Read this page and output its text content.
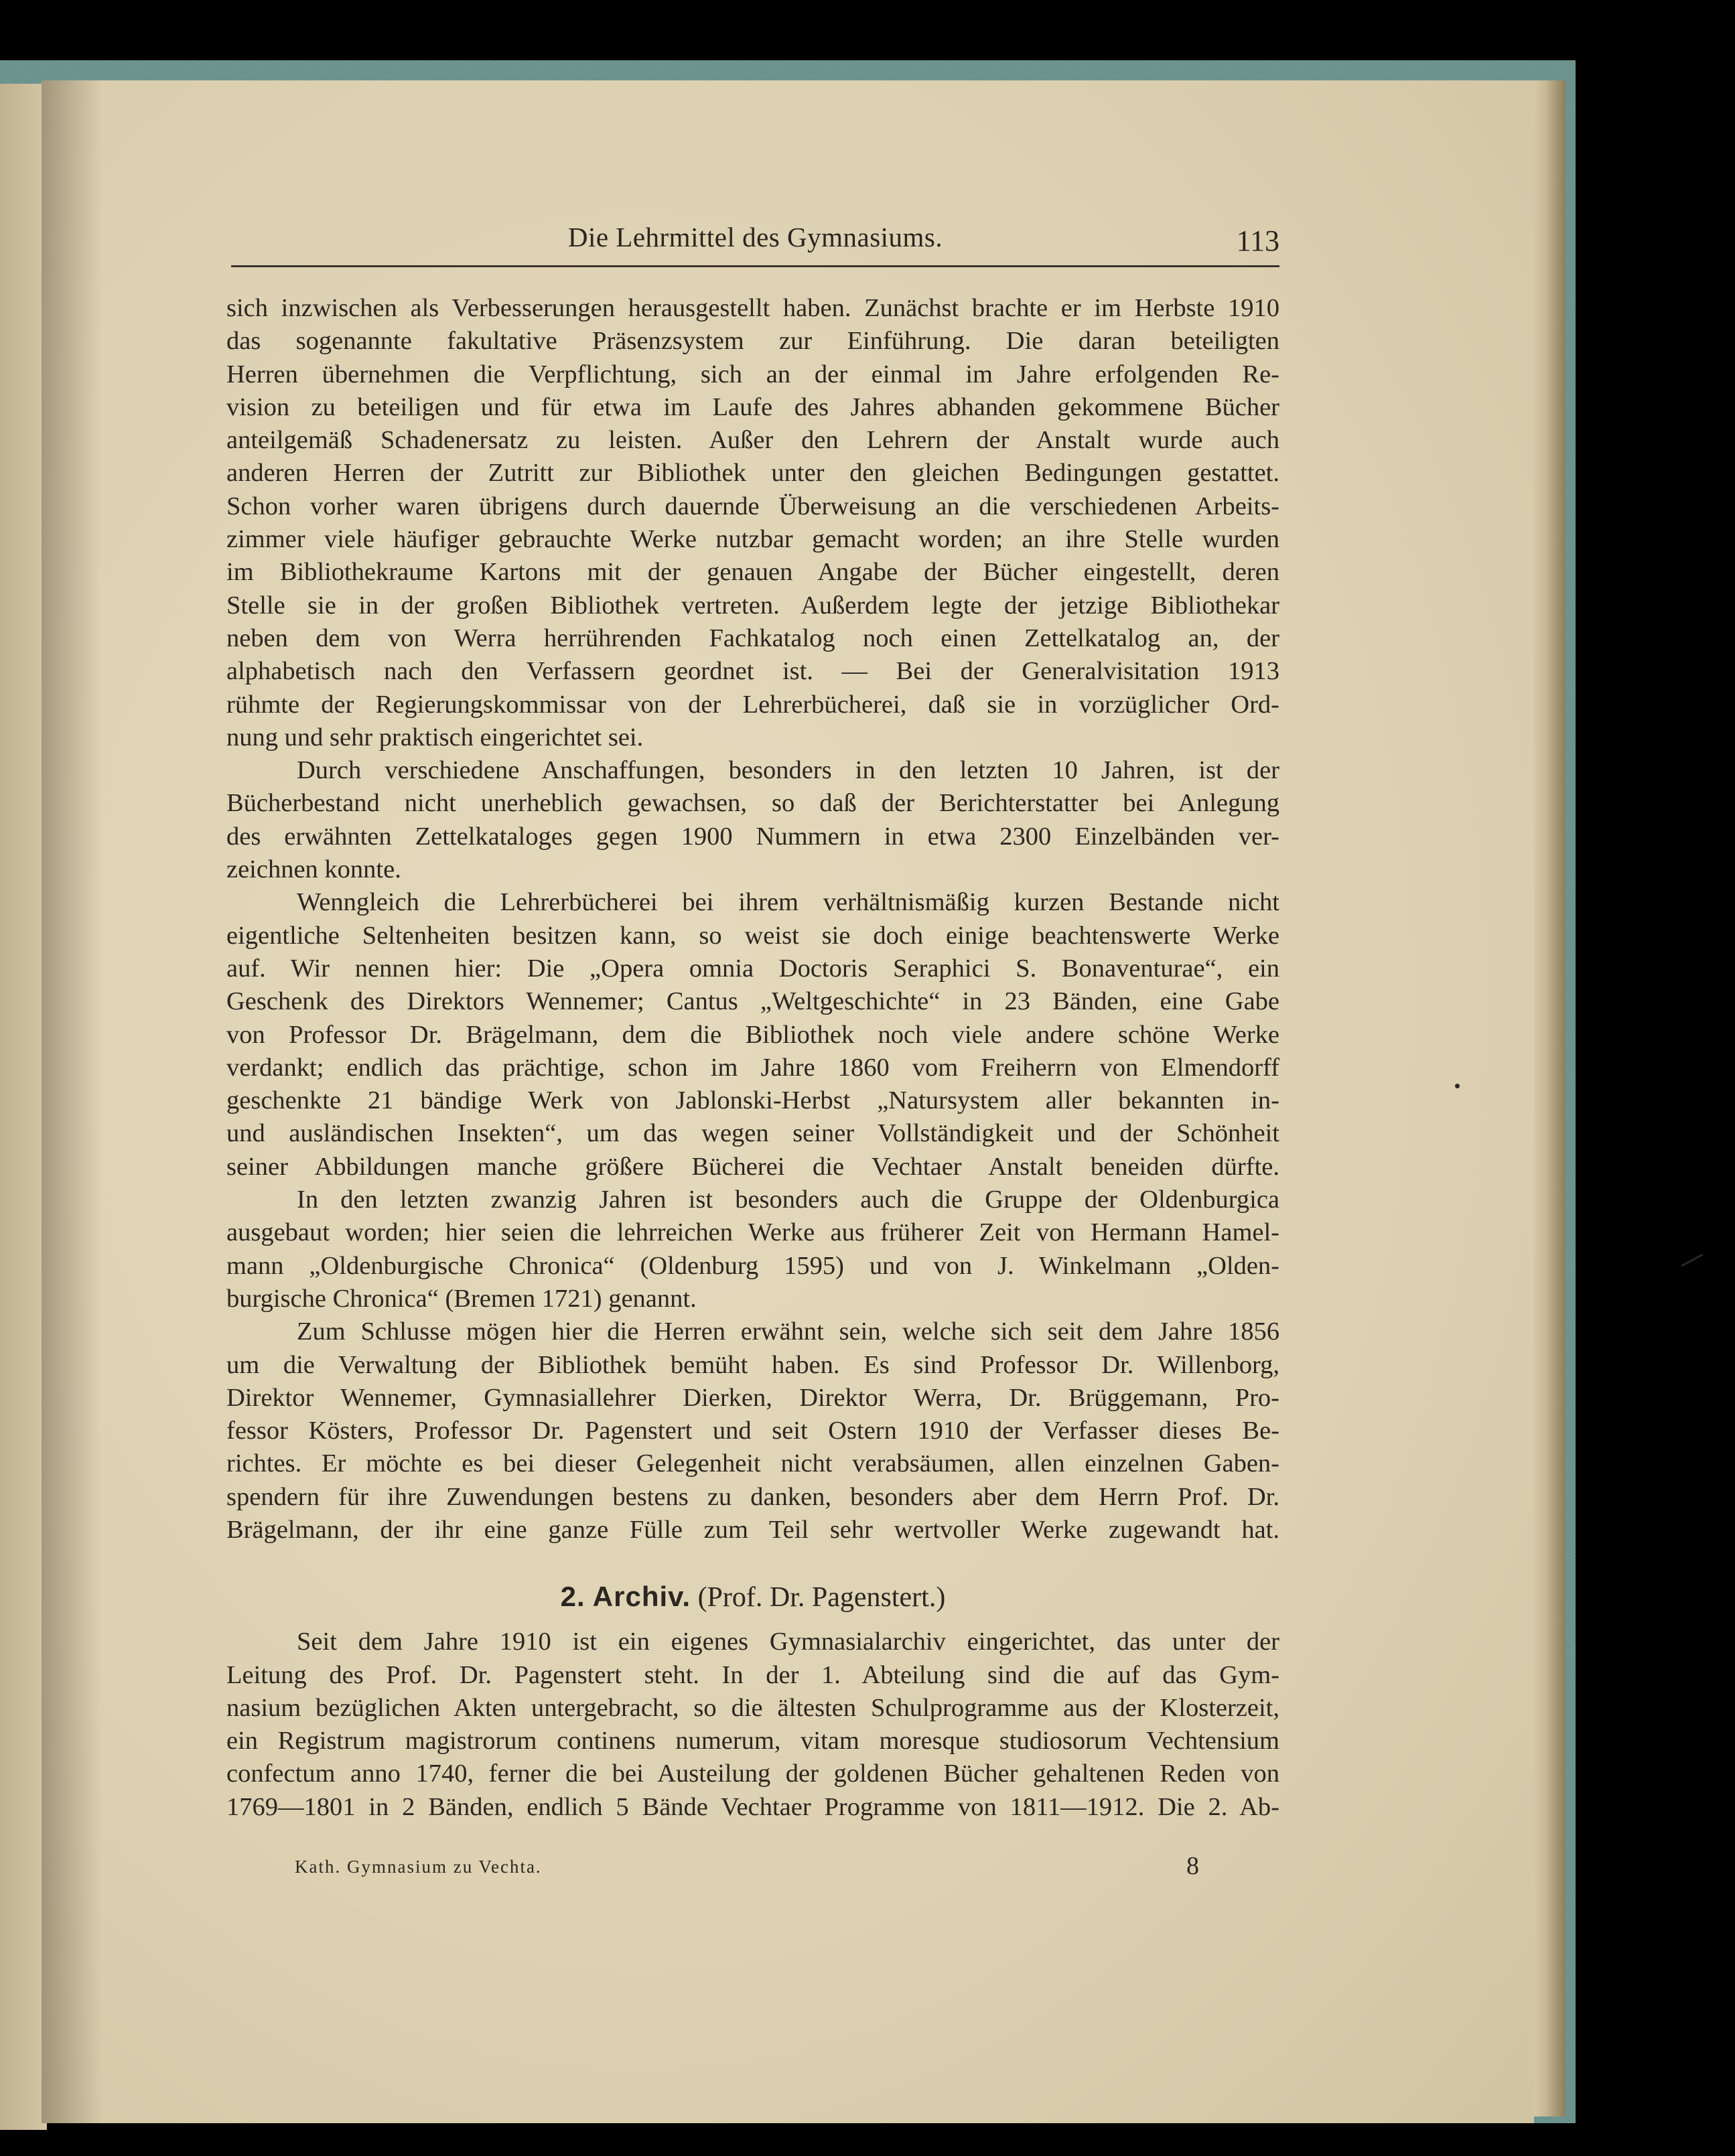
Die Lehrmittel des Gymnasiums.	113
sich inzwischen als Verbesserungen herausgestellt haben. Zunächst brachte er im Herbste 1910
das sogenannte fakultative Präsenzsystem zur Einführung. Die daran beteiligten
Herren übernehmen die Verpflichtung, sich an der einmal im Jahre erfolgenden Re-
vision zu beteiligen und für etwa im Laufe des Jahres abhanden gekommene Bücher
anteilgemäß Schadenersatz zu leisten. Außer den Lehrern der Anstalt wurde auch
anderen Herren der Zutritt zur Bibliothek unter den gleichen Bedingungen gestattet.
Schon vorher waren übrigens durch dauernde Überweisung an die verschiedenen Arbeits-
zimmer viele häufiger gebrauchte Werke nutzbar gemacht worden; an ihre Stelle wurden
im Bibliothekraume Kartons mit der genauen Angabe der Bücher eingestellt, deren
Stelle sie in der großen Bibliothek vertreten. Außerdem legte der jetzige Bibliothekar
neben dem von Werra herrührenden Fachkatalog noch einen Zettelkatalog an, der
alphabetisch nach den Verfassern geordnet ist. — Bei der Generalvisitation 1913
rühmte der Regierungskommissar von der Lehrerbücherei, daß sie in vorzüglicher Ord-
nung und sehr praktisch eingerichtet sei.
Durch verschiedene Anschaffungen, besonders in den letzten 10 Jahren, ist der
Bücherbestand nicht unerheblich gewachsen, so daß der Berichterstatter bei Anlegung
des erwähnten Zettelkataloges gegen 1900 Nummern in etwa 2300 Einzelbänden ver-
zeichnen konnte.
Wenngleich die Lehrerbücherei bei ihrem verhältnismäßig kurzen Bestande nicht
eigentliche Seltenheiten besitzen kann, so weist sie doch einige beachtenswerte Werke
auf. Wir nennen hier: Die „Opera omnia Doctoris Seraphici S. Bonaventurae“, ein
Geschenk des Direktors Wennemer; Cantus „Weltgeschichte“ in 23 Bänden, eine Gabe
von Professor Dr. Brägelmann, dem die Bibliothek noch viele andere schöne Werke
verdankt; endlich das prächtige, schon im Jahre 1860 vom Freiherrn von Elmendorff
geschenkte 21 bändige Werk von Jablonski-Herbst „Natursystem aller bekannten in-
und ausländischen Insekten“, um das wegen seiner Vollständigkeit und der Schönheit
seiner Abbildungen manche größere Bücherei die Vechtaer Anstalt beneiden dürfte.
In den letzten zwanzig Jahren ist besonders auch die Gruppe der Oldenburgica
ausgebaut worden; hier seien die lehrreichen Werke aus früherer Zeit von Hermann Hamel-
mann „Oldenburgische Chronica“ (Oldenburg 1595) und von J. Winkelmann „Olden-
burgische Chronica“ (Bremen 1721) genannt.
Zum Schlusse mögen hier die Herren erwähnt sein, welche sich seit dem Jahre 1856
um die Verwaltung der Bibliothek bemüht haben. Es sind Professor Dr. Willenborg,
Direktor Wennemer, Gymnasiallehrer Dierken, Direktor Werra, Dr. Brüggemann, Pro-
fessor Kösters, Professor Dr. Pagenstert und seit Ostern 1910 der Verfasser dieses Be-
richtes. Er möchte es bei dieser Gelegenheit nicht verabsäumen, allen einzelnen Gaben-
spendern für ihre Zuwendungen bestens zu danken, besonders aber dem Herrn Prof. Dr.
Brägelmann, der ihr eine ganze Fülle zum Teil sehr wertvoller Werke zugewandt hat.
2. Archiv. (Prof. Dr. Pagenstert.)
Seit dem Jahre 1910 ist ein eigenes Gymnasialarchiv eingerichtet, das unter der
Leitung des Prof. Dr. Pagenstert steht. In der 1. Abteilung sind die auf das Gym-
nasium bezüglichen Akten untergebracht, so die ältesten Schulprogramme aus der Klosterzeit,
ein Registrum magistrorum continens numerum, vitam moresque studiosorum Vechtensium
confectum anno 1740, ferner die bei Austeilung der goldenen Bücher gehaltenen Reden von
1769—1801 in 2 Bänden, endlich 5 Bände Vechtaer Programme von 1811—1912. Die 2. Ab-
Kath. Gymnasium zu Vechta.	8
